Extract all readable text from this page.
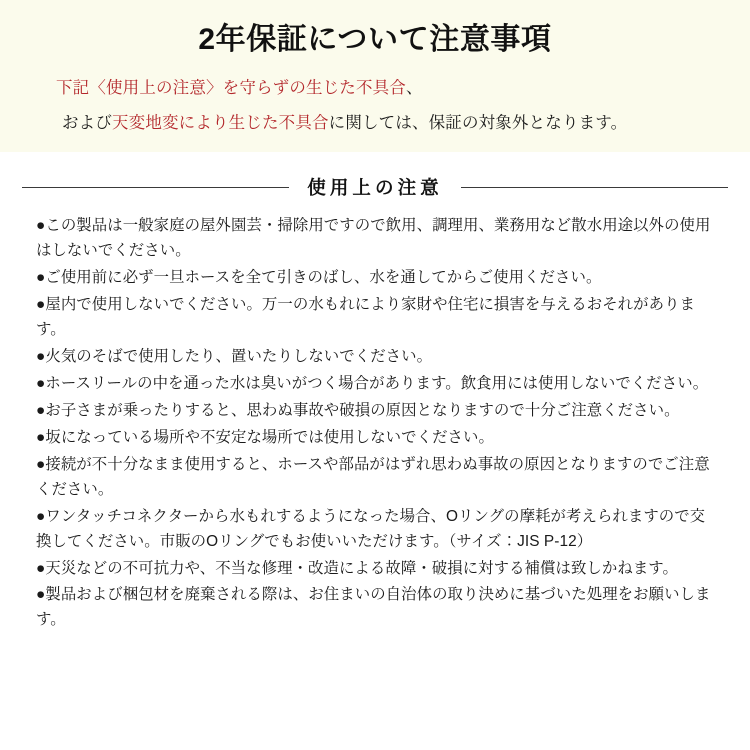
2年保証について注意事項
下記〈使用上の注意〉を守らずの生じた不具合、
および天変地変により生じた不具合に関しては、保証の対象外となります。
使用上の注意

●この製品は一般家庭の屋外園芸・掃除用ですので飲用、調理用、業務用など散水用途以外の使用はしないでください。

●ご使用前に必ず一旦ホースを全て引きのばし、水を通してからご使用ください。

●屋内で使用しないでください。万一の水もれにより家財や住宅に損害を与えるおそれがあります。

●火気のそばで使用したり、置いたりしないでください。

●ホースリールの中を通った水は臭いがつく場合があります。飲食用には使用しないでください。

●お子さまが乗ったりすると、思わぬ事故や破損の原因となりますので十分ご注意ください。

●坂になっている場所や不安定な場所では使用しないでください。

●接続が不十分なまま使用すると、ホースや部品がはずれ思わぬ事故の原因となりますのでご注意ください。

●ワンタッチコネクターから水もれするようになった場合、Oリングの摩耗が考えられますので交換してください。市販のOリングでもお使いいただけます。（サイズ：JIS P-12）

●天災などの不可抗力や、不当な修理・改造による故障・破損に対する補償は致しかねます。

●製品および梱包材を廃棄される際は、お住まいの自治体の取り決めに基づいた処理をお願いします。
